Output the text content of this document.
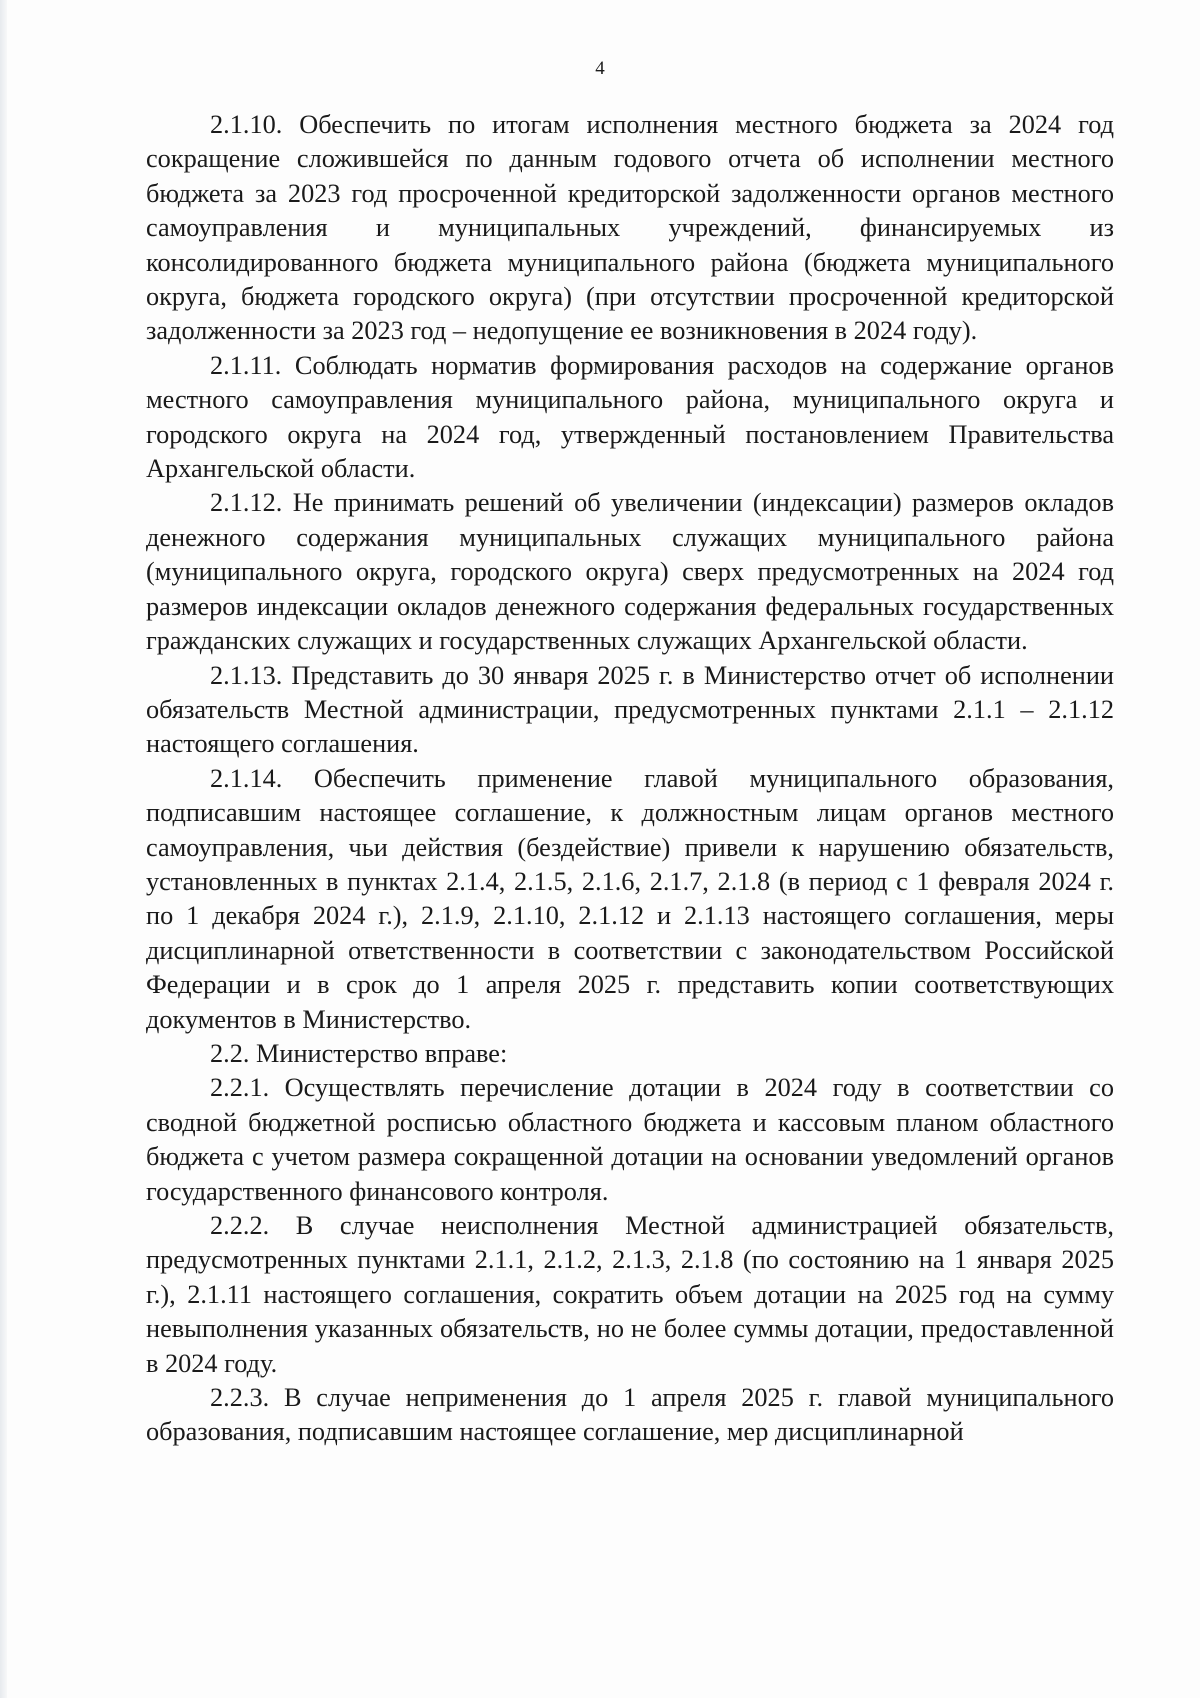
4

2.1.10. Обеспечить по итогам исполнения местного бюджета за 2024 год сокращение сложившейся по данным годового отчета об исполнении местного бюджета за 2023 год просроченной кредиторской задолженности органов местного самоуправления и муниципальных учреждений, финансируемых из консолидированного бюджета муниципального района (бюджета муниципального округа, бюджета городского округа) (при отсутствии просроченной кредиторской задолженности за 2023 год – недопущение ее возникновения в 2024 году).

2.1.11. Соблюдать норматив формирования расходов на содержание органов местного самоуправления муниципального района, муниципального округа и городского округа на 2024 год, утвержденный постановлением Правительства Архангельской области.

2.1.12. Не принимать решений об увеличении (индексации) размеров окладов денежного содержания муниципальных служащих муниципального района (муниципального округа, городского округа) сверх предусмотренных на 2024 год размеров индексации окладов денежного содержания федеральных государственных гражданских служащих и государственных служащих Архангельской области.

2.1.13. Представить до 30 января 2025 г. в Министерство отчет об исполнении обязательств Местной администрации, предусмотренных пунктами 2.1.1 – 2.1.12 настоящего соглашения.

2.1.14. Обеспечить применение главой муниципального образования, подписавшим настоящее соглашение, к должностным лицам органов местного самоуправления, чьи действия (бездействие) привели к нарушению обязательств, установленных в пунктах 2.1.4, 2.1.5, 2.1.6, 2.1.7, 2.1.8 (в период с 1 февраля 2024 г. по 1 декабря 2024 г.), 2.1.9, 2.1.10, 2.1.12 и 2.1.13 настоящего соглашения, меры дисциплинарной ответственности в соответствии с законодательством Российской Федерации и в срок до 1 апреля 2025 г. представить копии соответствующих документов в Министерство.

2.2. Министерство вправе:

2.2.1. Осуществлять перечисление дотации в 2024 году в соответствии со сводной бюджетной росписью областного бюджета и кассовым планом областного бюджета с учетом размера сокращенной дотации на основании уведомлений органов государственного финансового контроля.

2.2.2. В случае неисполнения Местной администрацией обязательств, предусмотренных пунктами 2.1.1, 2.1.2, 2.1.3, 2.1.8 (по состоянию на 1 января 2025 г.), 2.1.11 настоящего соглашения, сократить объем дотации на 2025 год на сумму невыполнения указанных обязательств, но не более суммы дотации, предоставленной в 2024 году.

2.2.3. В случае неприменения до 1 апреля 2025 г. главой муниципального образования, подписавшим настоящее соглашение, мер дисциплинарной
